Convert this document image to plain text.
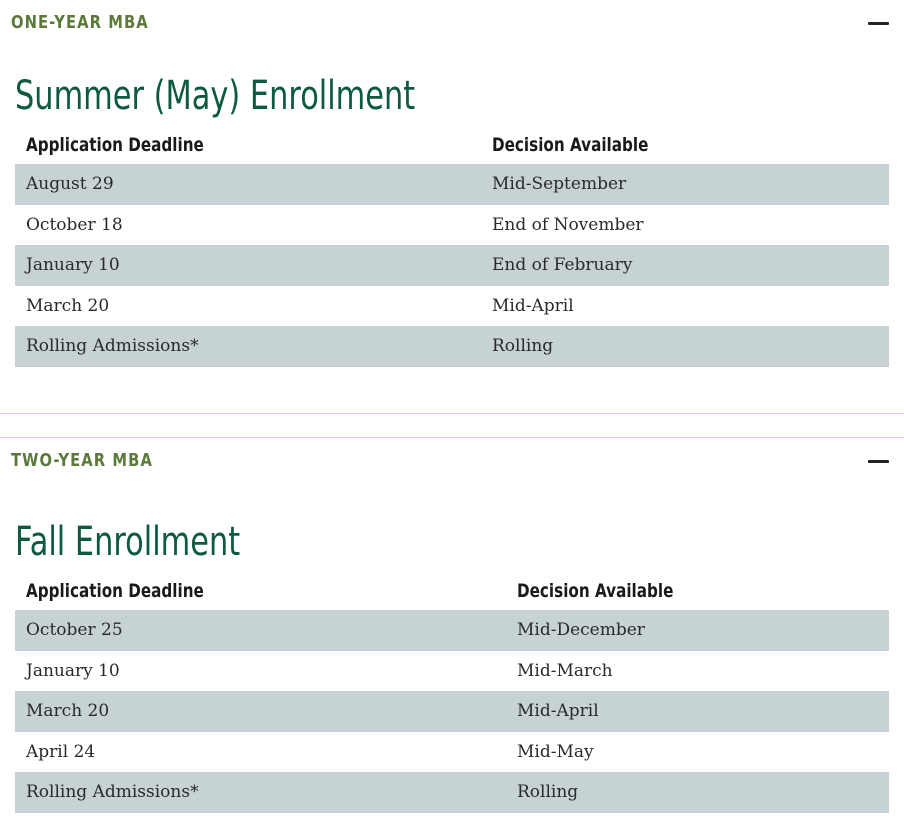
ONE-YEAR MBA
Summer (May) Enrollment
Application Deadline	Decision Available
August 29	Mid-September
October 18	End of November
January 10	End of February
March 20	Mid-April
Rolling Admissions*	Rolling
TWO-YEAR MBA
Fall Enrollment
Application Deadline	Decision Available
October 25	Mid-December
January 10	Mid-March
March 20	Mid-April
April 24	Mid-May
Rolling Admissions*	Rolling
